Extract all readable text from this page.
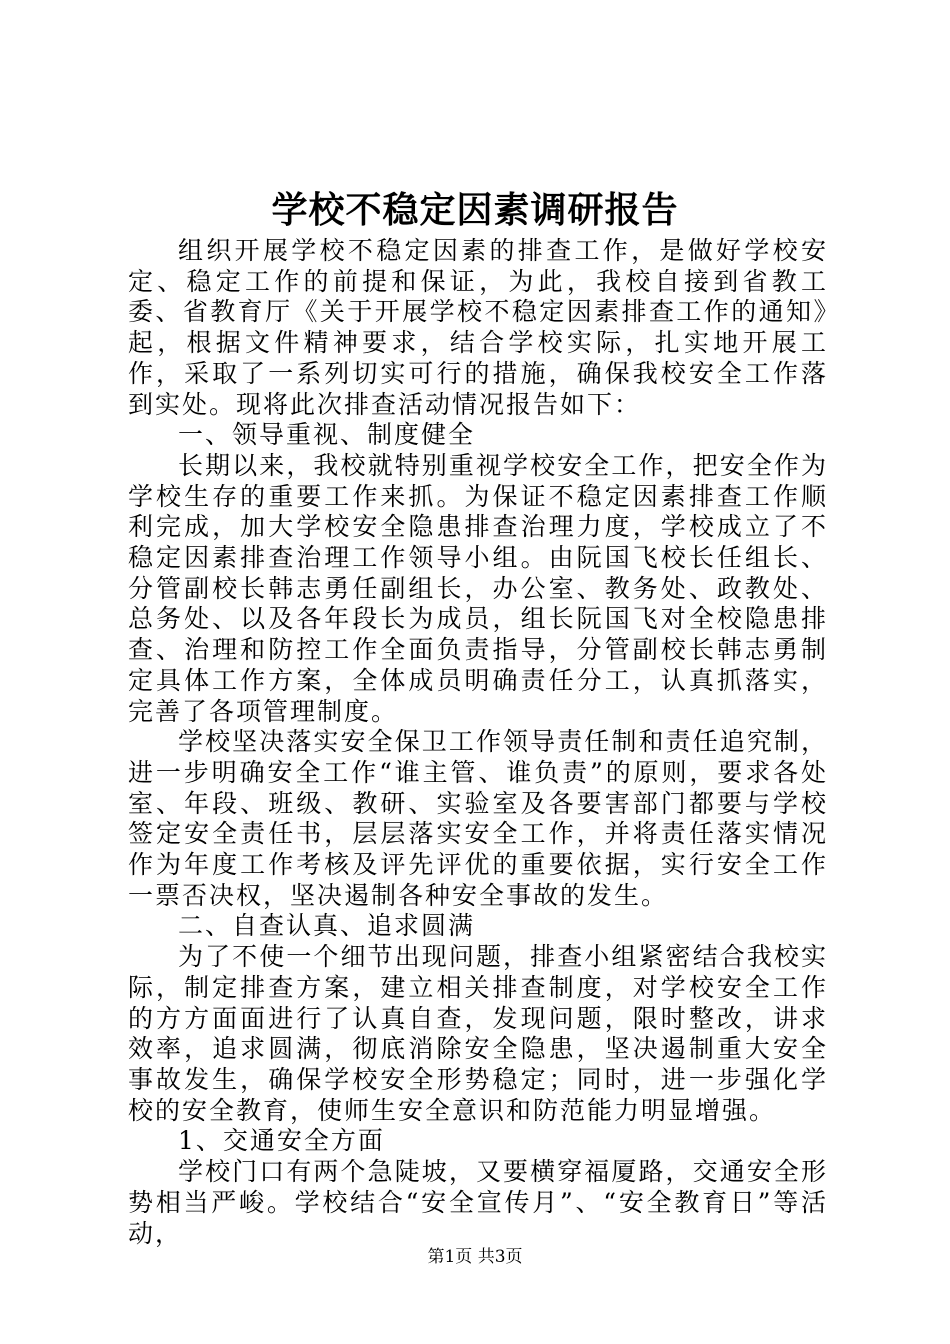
学校不稳定因素调研报告

组织开展学校不稳定因素的排查工作，是做好学校安定、稳定工作的前提和保证，为此，我校自接到省教工委、省教育厅《关于开展学校不稳定因素排查工作的通知》起，根据文件精神要求，结合学校实际，扎实地开展工作，采取了一系列切实可行的措施，确保我校安全工作落到实处。现将此次排查活动情况报告如下：

一、领导重视、制度健全

长期以来，我校就特别重视学校安全工作，把安全作为学校生存的重要工作来抓。为保证不稳定因素排查工作顺利完成，加大学校安全隐患排查治理力度，学校成立了不稳定因素排查治理工作领导小组。由阮国飞校长任组长、分管副校长韩志勇任副组长，办公室、教务处、政教处、总务处、以及各年段长为成员，组长阮国飞对全校隐患排查、治理和防控工作全面负责指导，分管副校长韩志勇制定具体工作方案，全体成员明确责任分工，认真抓落实，完善了各项管理制度。

学校坚决落实安全保卫工作领导责任制和责任追究制，进一步明确安全工作“谁主管、谁负责”的原则，要求各处室、年段、班级、教研、实验室及各要害部门都要与学校签定安全责任书，层层落实安全工作，并将责任落实情况作为年度工作考核及评先评优的重要依据，实行安全工作一票否决权，坚决遏制各种安全事故的发生。

二、自查认真、追求圆满

为了不使一个细节出现问题，排查小组紧密结合我校实际，制定排查方案，建立相关排查制度，对学校安全工作的方方面面进行了认真自查，发现问题，限时整改，讲求效率，追求圆满，彻底消除安全隐患，坚决遏制重大安全事故发生，确保学校安全形势稳定；同时，进一步强化学校的安全教育，使师生安全意识和防范能力明显增强。

1、交通安全方面

学校门口有两个急陡坡，又要横穿福厦路，交通安全形势相当严峻。学校结合“安全宣传月”、“安全教育日”等活动，

第1页 共3页
